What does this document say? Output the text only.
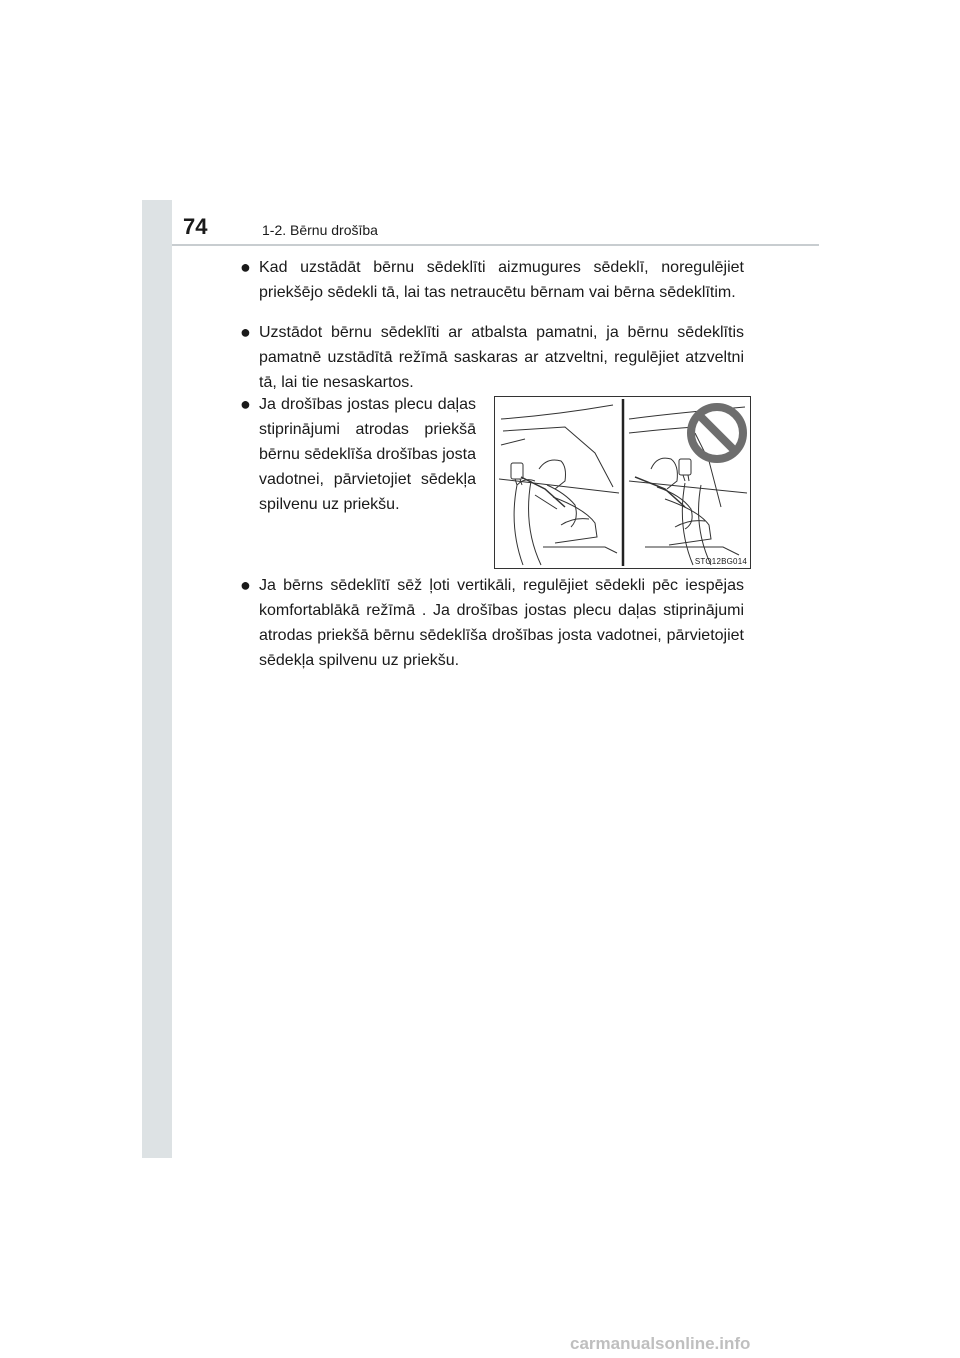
74	1-2. Bērnu drošība
● Kad uzstādāt bērnu sēdeklīti aizmugures sēdeklī, noregulējiet priekšējo sēdekli tā, lai tas netraucētu bērnam vai bērna sēdeklītim.
● Uzstādot bērnu sēdeklīti ar atbalsta pamatni, ja bērnu sēdeklītis pamatnē uzstādītā režīmā saskaras ar atzveltni, regulējiet atzveltni tā, lai tie nesaskartos.
● Ja drošības jostas plecu daļas stiprinājumi atrodas priekšā bērnu sēdeklīša drošības josta vadotnei, pārvietojiet sēdekļa spilvenu uz priekšu.
STO12BG014
● Ja bērns sēdeklītī sēž ļoti vertikāli, regulējiet sēdekli pēc iespējas komfortablākā režīmā . Ja drošības jostas plecu daļas stiprinājumi atrodas priekšā bērnu sēdeklīša drošības josta vadotnei, pārvietojiet sēdekļa spilvenu uz priekšu.
carmanualsonline.info
